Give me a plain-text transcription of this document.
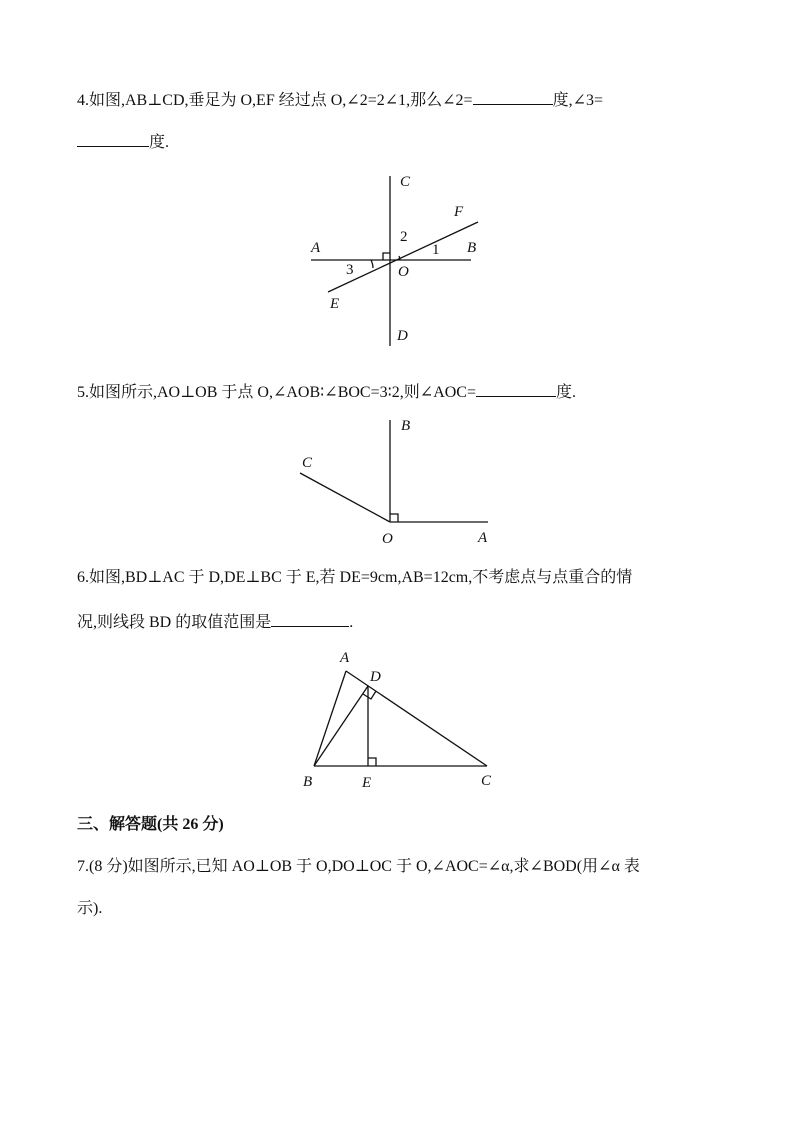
4.如图,AB⊥CD,垂足为 O,EF 经过点 O,∠2=2∠1,那么∠2=	度,∠3=
度.
C
D
A	B
E
F
O
1
2
3
5.如图所示,AO⊥OB 于点 O,∠AOB∶∠BOC=3∶2,则∠AOC=	度.
B
A
C
O
6.如图,BD⊥AC 于 D,DE⊥BC 于 E,若 DE=9cm,AB=12cm,不考虑点与点重合的情
况,则线段 BD 的取值范围是	.
A
D
B	E	C
三、解答题(共 26 分)
7.(8 分)如图所示,已知 AO⊥OB 于 O,DO⊥OC 于 O,∠AOC=∠α,求∠BOD(用∠α 表
示).
